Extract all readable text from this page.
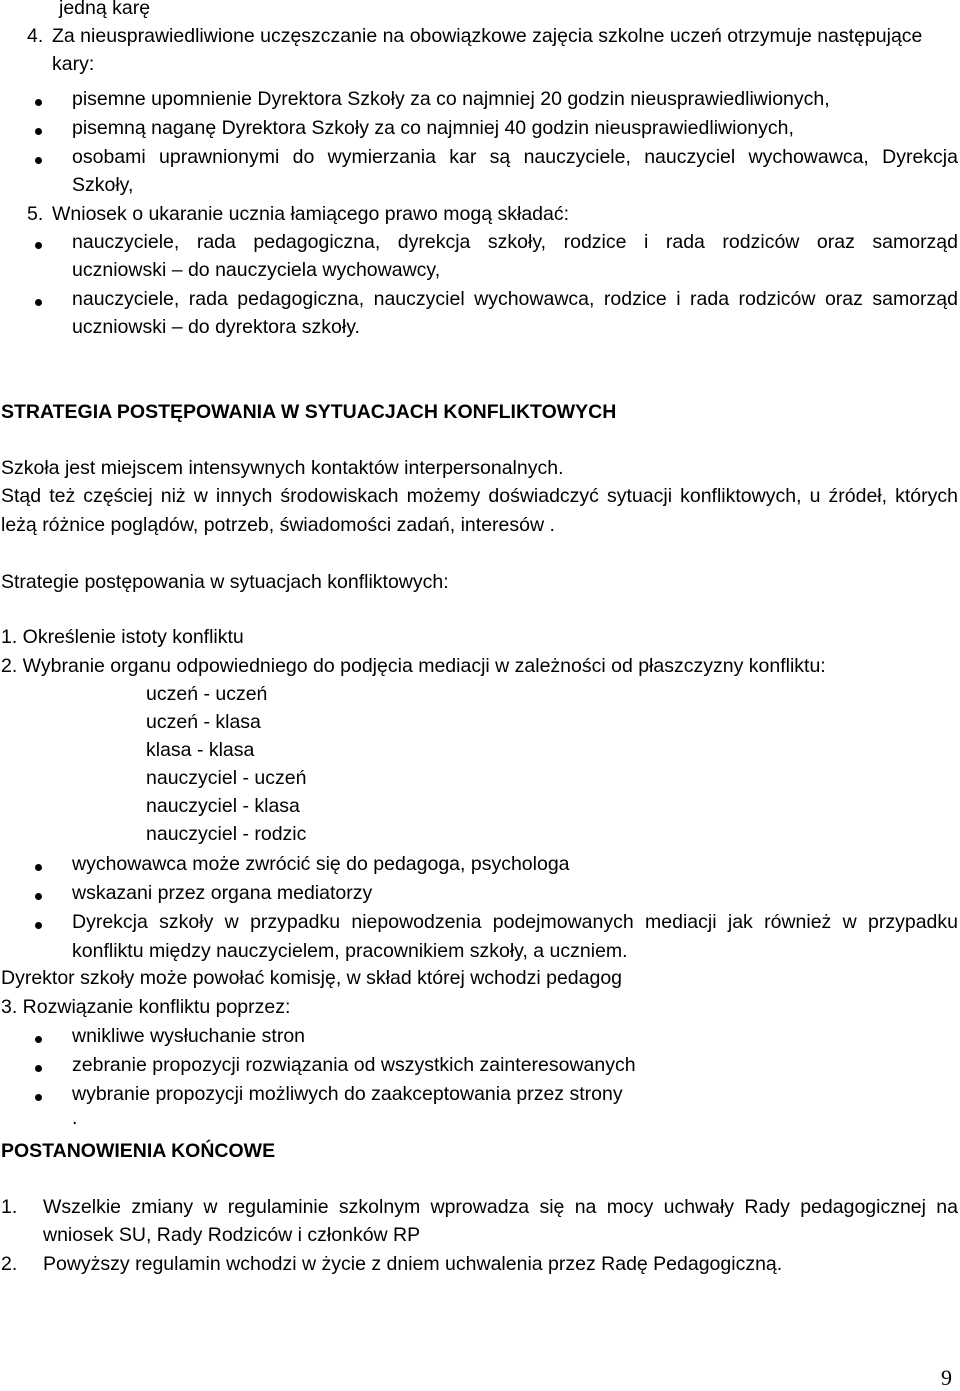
jedną karę
4. Za nieusprawiedliwione uczęszczanie na obowiązkowe zajęcia szkolne uczeń otrzymuje następujące
kary:
pisemne upomnienie Dyrektora Szkoły za co najmniej 20 godzin nieusprawiedliwionych,
pisemną naganę Dyrektora Szkoły za co najmniej 40 godzin nieusprawiedliwionych,
osobami uprawnionymi do wymierzania kar są nauczyciele, nauczyciel wychowawca, Dyrekcja
Szkoły,
5. Wniosek o ukaranie ucznia łamiącego prawo mogą składać:
nauczyciele, rada pedagogiczna, dyrekcja szkoły, rodzice i rada rodziców oraz samorząd
uczniowski – do nauczyciela wychowawcy,
nauczyciele, rada pedagogiczna, nauczyciel wychowawca, rodzice i rada rodziców oraz samorząd
uczniowski – do dyrektora szkoły.
STRATEGIA POSTĘPOWANIA W SYTUACJACH KONFLIKTOWYCH
Szkoła jest miejscem intensywnych kontaktów interpersonalnych.
Stąd też częściej niż w innych środowiskach możemy doświadczyć sytuacji konfliktowych, u źródeł, których
leżą różnice poglądów, potrzeb, świadomości zadań, interesów .
Strategie postępowania w sytuacjach konfliktowych:
1. Określenie istoty konfliktu
2. Wybranie organu odpowiedniego do podjęcia mediacji w zależności od płaszczyzny konfliktu:
uczeń - uczeń
uczeń - klasa
klasa - klasa
nauczyciel - uczeń
nauczyciel - klasa
nauczyciel - rodzic
wychowawca może zwrócić się do pedagoga, psychologa
wskazani przez organa mediatorzy
Dyrekcja szkoły w przypadku niepowodzenia podejmowanych mediacji jak również w przypadku
konfliktu między nauczycielem, pracownikiem szkoły, a uczniem.
Dyrektor szkoły może powołać komisję, w skład której wchodzi pedagog
3. Rozwiązanie konfliktu poprzez:
wnikliwe wysłuchanie stron
zebranie propozycji rozwiązania od wszystkich zainteresowanych
wybranie propozycji możliwych do zaakceptowania przez strony
.
POSTANOWIENIA KOŃCOWE
1. Wszelkie zmiany w regulaminie szkolnym wprowadza się na mocy uchwały Rady pedagogicznej na
wniosek SU, Rady Rodziców i członków RP
2. Powyższy regulamin wchodzi w życie z dniem uchwalenia przez Radę Pedagogiczną.
9
